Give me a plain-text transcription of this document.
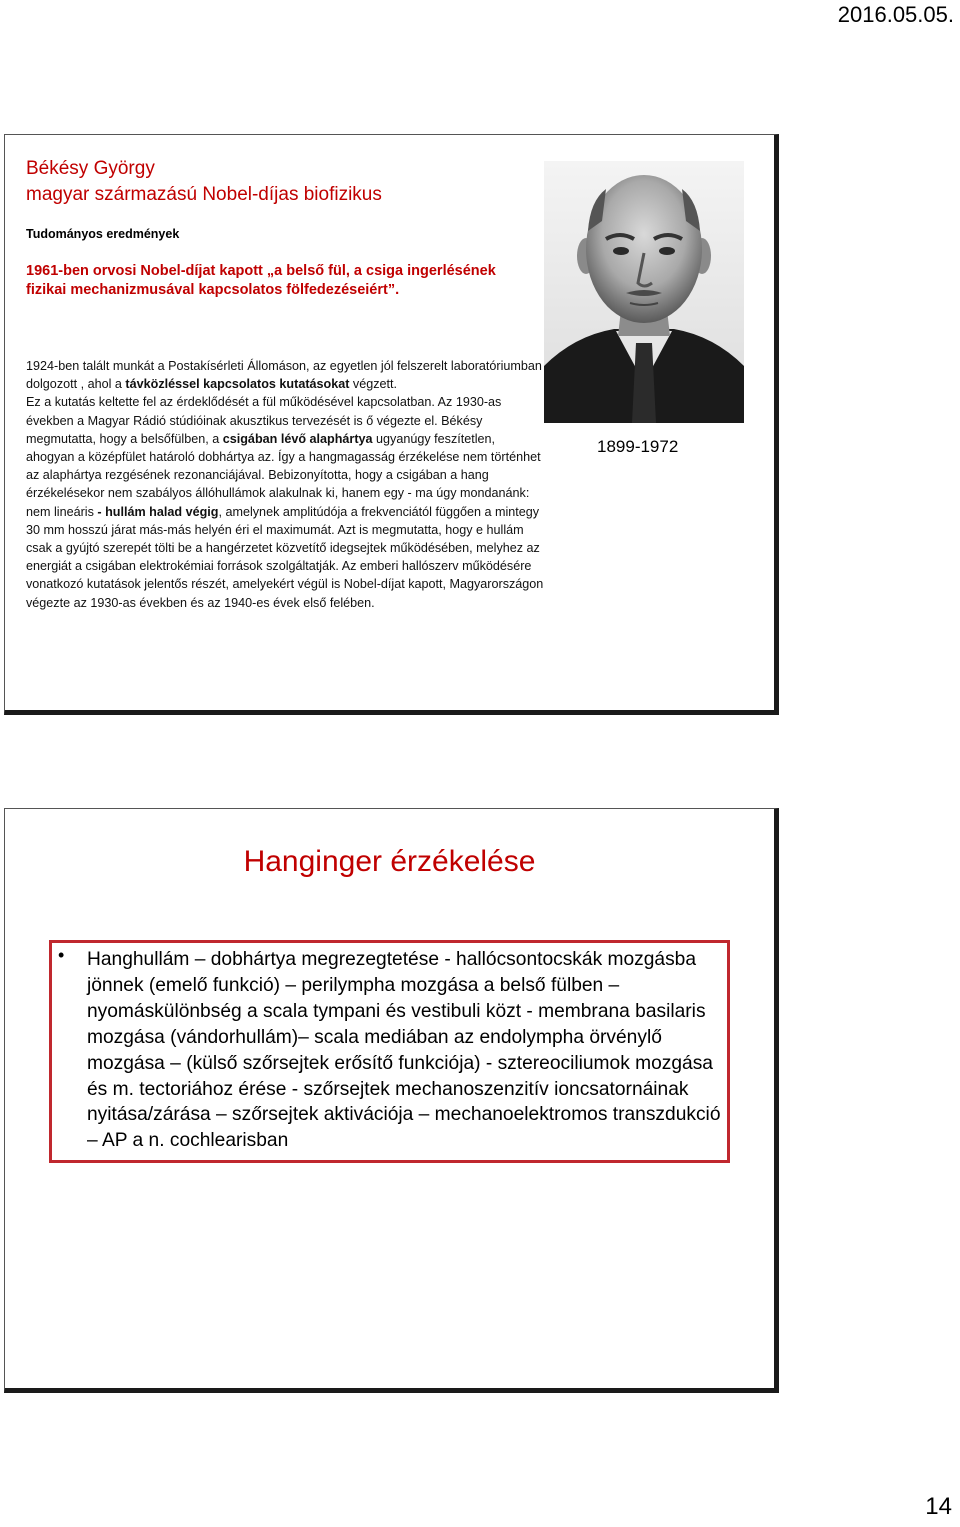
2016.05.05.
Békésy György
magyar származású Nobel-díjas biofizikus
Tudományos eredmények
1961-ben orvosi Nobel-díjat kapott „a belső fül, a csiga ingerlésének fizikai mechanizmusával kapcsolatos fölfedezéseiért”.

1924-ben talált munkát a Postakísérleti Állomáson, az egyetlen jól felszerelt laboratóriumban dolgozott , ahol a távközléssel kapcsolatos kutatásokat végzett.

Ez a kutatás keltette fel az érdeklődését a fül működésével kapcsolatban. Az 1930-as években a Magyar Rádió stúdióinak akusztikus tervezését is ő végezte el. Békésy megmutatta, hogy a belsőfülben, a csigában lévő alaphártya ugyanúgy feszítetlen, ahogyan a középfület határoló dobhártya az. Így a hangmagasság érzékelése nem történhet az alaphártya rezgésének rezonanciájával. Bebizonyította, hogy a csigában a hang érzékelésekor nem szabályos állóhullámok alakulnak ki, hanem egy - ma úgy mondanánk: nem lineáris - hullám halad végig, amelynek amplitúdója a frekvenciától függően a mintegy 30 mm hosszú járat más-más helyén éri el maximumát. Azt is megmutatta, hogy e hullám csak a gyújtó szerepét tölti be a hangérzetet közvetítő idegsejtek működésében, melyhez az energiát a csigában elektrokémiai források szolgáltatják. Az emberi hallószerv működésére vonatkozó kutatások jelentős részét, amelyekért végül is Nobel-díjat kapott, Magyarországon végezte az 1930-as években és az 1940-es évek első felében.

1899-1972
Hanginger érzékelése
• Hanghullám – dobhártya megrezegtetése - hallócsontocskák mozgásba jönnek (emelő funkció) – perilympha mozgása a belső fülben – nyomáskülönbség a scala tympani és vestibuli közt - membrana basilaris mozgása (vándorhullám)– scala mediában az endolympha örvénylő mozgása – (külső szőrsejtek erősítő funkciója) - sztereociliumok mozgása és m. tectoriához érése - szőrsejtek mechanoszenzitív ioncsatornáinak nyitása/zárása – szőrsejtek aktivációja – mechanoelektromos transzdukció – AP a n. cochlearisban

14
